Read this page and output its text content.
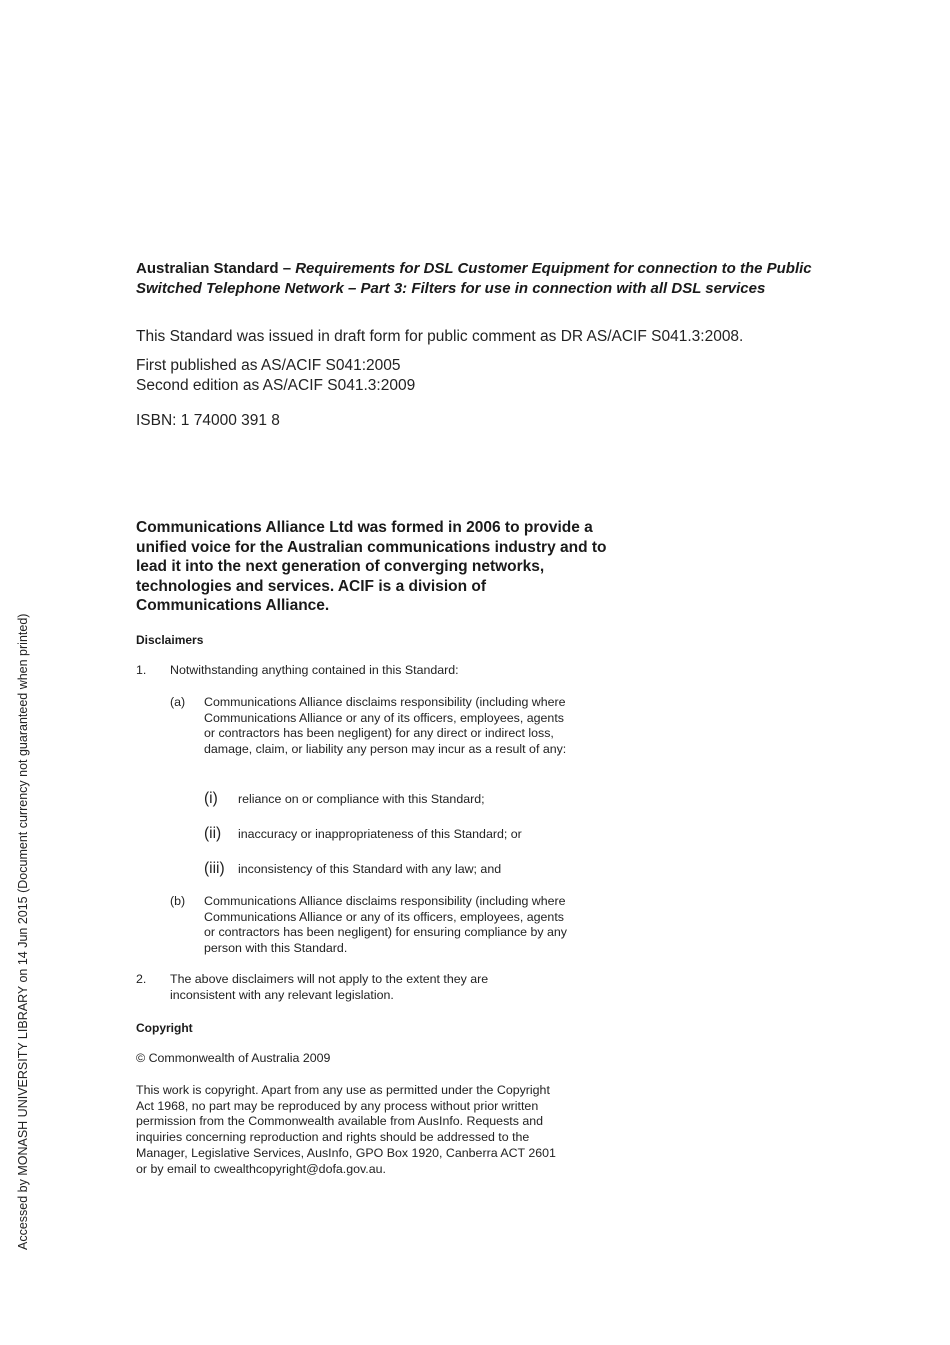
Australian Standard – Requirements for DSL Customer Equipment for connection to the Public Switched Telephone Network – Part 3: Filters for use in connection with all DSL services
This Standard was issued in draft form for public comment as DR AS/ACIF S041.3:2008.
First published as AS/ACIF S041:2005
Second edition as AS/ACIF S041.3:2009
ISBN: 1 74000 391 8
Communications Alliance Ltd was formed in 2006 to provide a unified voice for the Australian communications industry and to lead it into the next generation of converging networks, technologies and services. ACIF is a division of Communications Alliance.
Disclaimers
1. Notwithstanding anything contained in this Standard:
(a) Communications Alliance disclaims responsibility (including where Communications Alliance or any of its officers, employees, agents or contractors has been negligent) for any direct or indirect loss, damage, claim, or liability any person may incur as a result of any:
(i) reliance on or compliance with this Standard;
(ii) inaccuracy or inappropriateness of this Standard; or
(iii) inconsistency of this Standard with any law; and
(b) Communications Alliance disclaims responsibility (including where Communications Alliance or any of its officers, employees, agents or contractors has been negligent) for ensuring compliance by any person with this Standard.
2. The above disclaimers will not apply to the extent they are inconsistent with any relevant legislation.
Copyright
© Commonwealth of Australia 2009
This work is copyright. Apart from any use as permitted under the Copyright Act 1968, no part may be reproduced by any process without prior written permission from the Commonwealth available from AusInfo. Requests and inquiries concerning reproduction and rights should be addressed to the Manager, Legislative Services, AusInfo, GPO Box 1920, Canberra ACT 2601 or by email to cwealthcopyright@dofa.gov.au.
Accessed by MONASH UNIVERSITY LIBRARY on 14 Jun 2015 (Document currency not guaranteed when printed)
